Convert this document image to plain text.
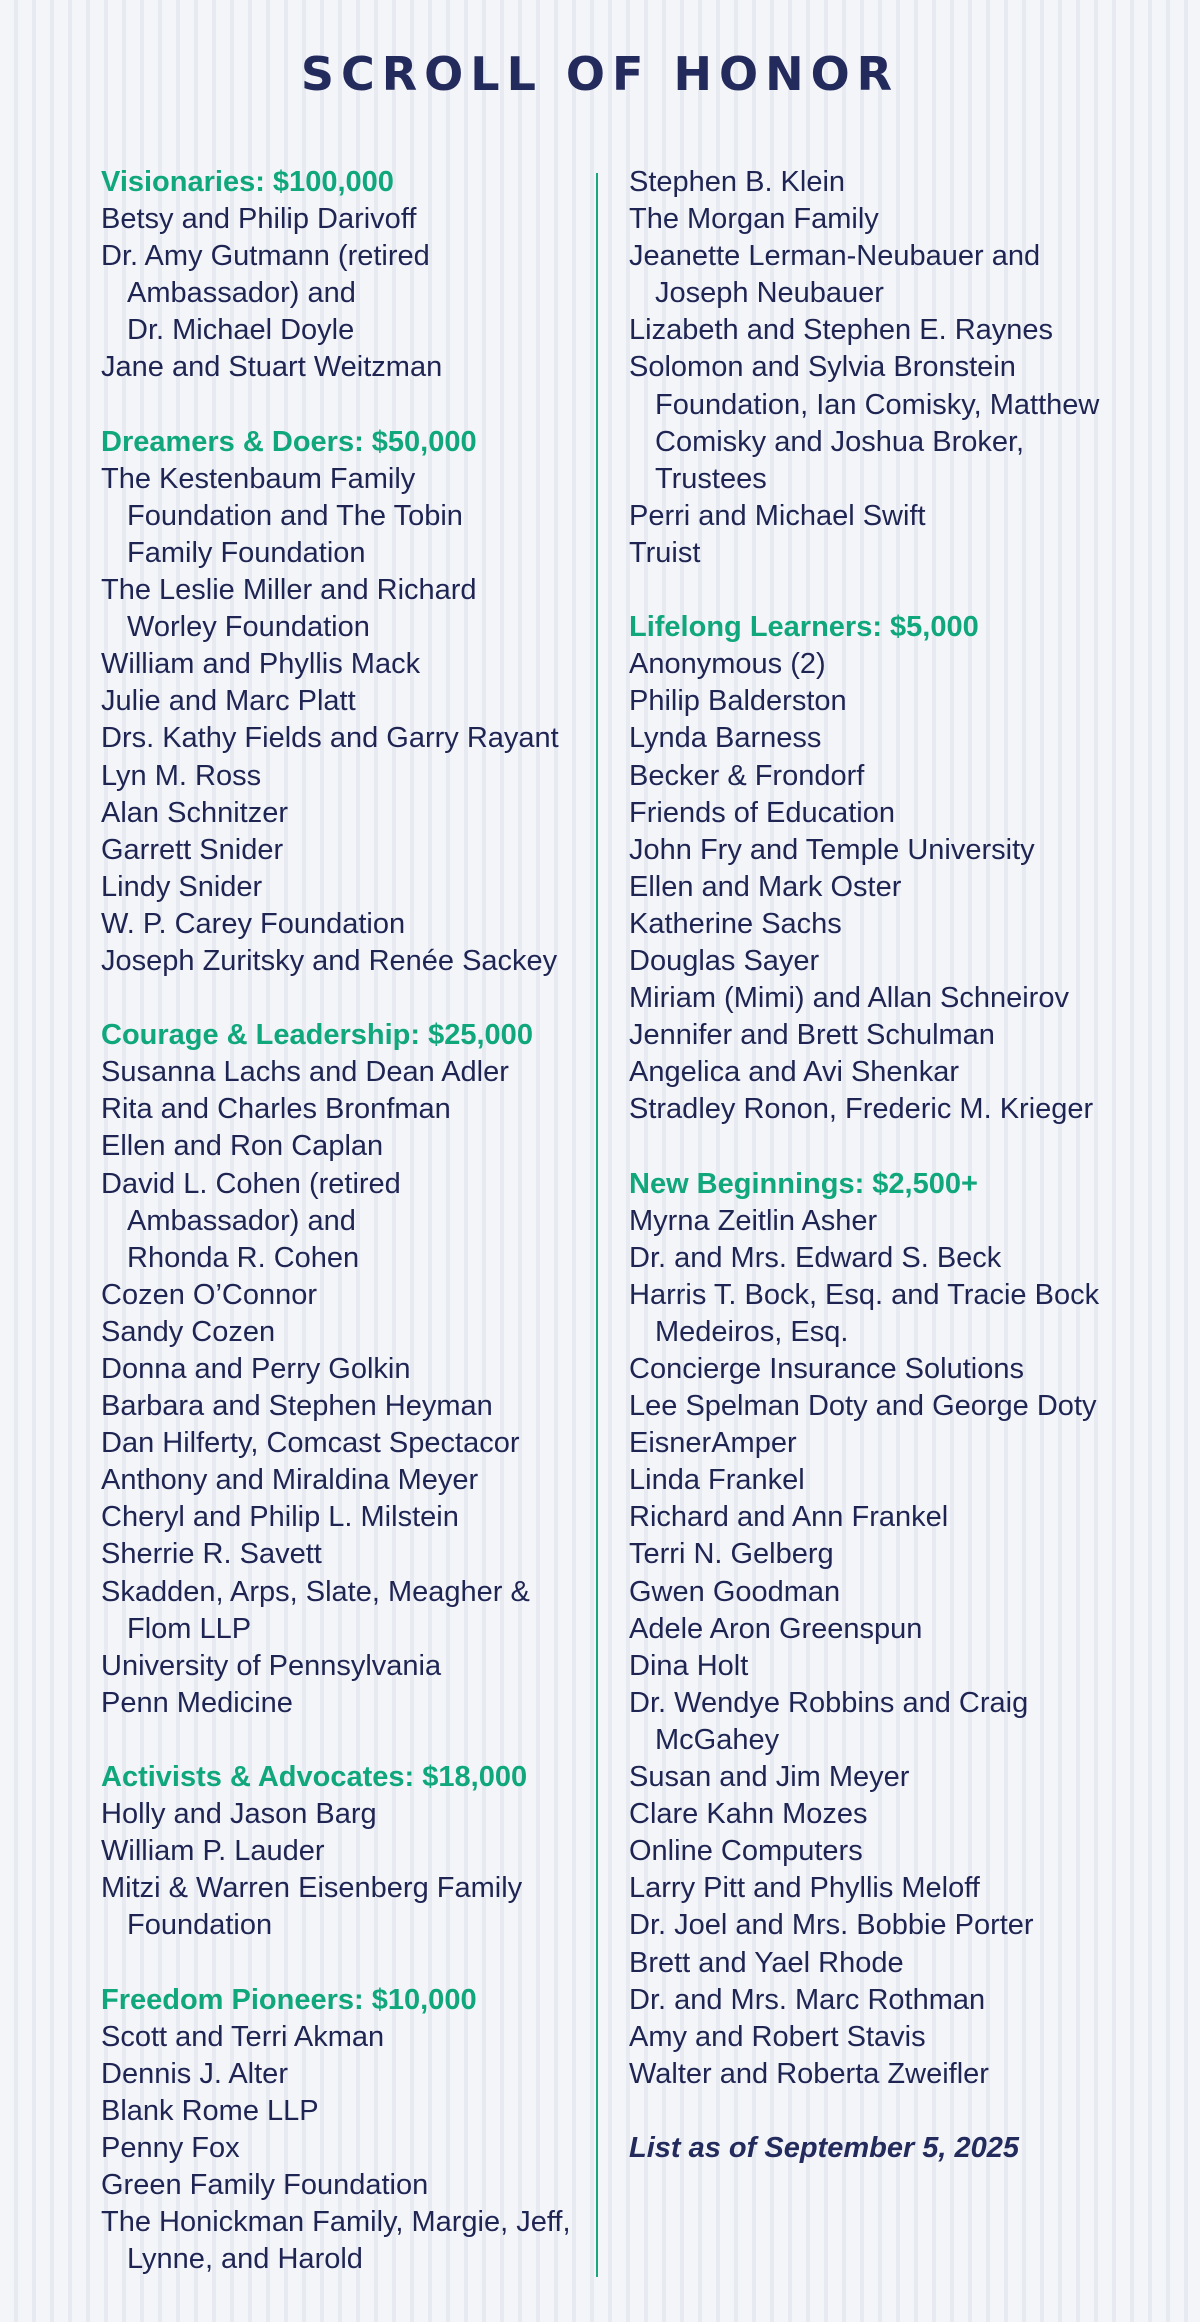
SCROLL OF HONOR
Visionaries: $100,000
Betsy and Philip Darivoff
Dr. Amy Gutmann (retired
Ambassador) and
Dr. Michael Doyle
Jane and Stuart Weitzman
Dreamers & Doers: $50,000
The Kestenbaum Family
Foundation and The Tobin
Family Foundation
The Leslie Miller and Richard
Worley Foundation
William and Phyllis Mack
Julie and Marc Platt
Drs. Kathy Fields and Garry Rayant
Lyn M. Ross
Alan Schnitzer
Garrett Snider
Lindy Snider
W. P. Carey Foundation
Joseph Zuritsky and Renée Sackey
Courage & Leadership: $25,000
Susanna Lachs and Dean Adler
Rita and Charles Bronfman
Ellen and Ron Caplan
David L. Cohen (retired
Ambassador) and
Rhonda R. Cohen
Cozen O’Connor
Sandy Cozen
Donna and Perry Golkin
Barbara and Stephen Heyman
Dan Hilferty, Comcast Spectacor
Anthony and Miraldina Meyer
Cheryl and Philip L. Milstein
Sherrie R. Savett
Skadden, Arps, Slate, Meagher &
Flom LLP
University of Pennsylvania
Penn Medicine
Activists & Advocates: $18,000
Holly and Jason Barg
William P. Lauder
Mitzi & Warren Eisenberg Family
Foundation
Freedom Pioneers: $10,000
Scott and Terri Akman
Dennis J. Alter
Blank Rome LLP
Penny Fox
Green Family Foundation
The Honickman Family, Margie, Jeff,
Lynne, and Harold
Stephen B. Klein
The Morgan Family
Jeanette Lerman-Neubauer and
Joseph Neubauer
Lizabeth and Stephen E. Raynes
Solomon and Sylvia Bronstein
Foundation, Ian Comisky, Matthew
Comisky and Joshua Broker,
Trustees
Perri and Michael Swift
Truist
Lifelong Learners: $5,000
Anonymous (2)
Philip Balderston
Lynda Barness
Becker & Frondorf
Friends of Education
John Fry and Temple University
Ellen and Mark Oster
Katherine Sachs
Douglas Sayer
Miriam (Mimi) and Allan Schneirov
Jennifer and Brett Schulman
Angelica and Avi Shenkar
Stradley Ronon, Frederic M. Krieger
New Beginnings: $2,500+
Myrna Zeitlin Asher
Dr. and Mrs. Edward S. Beck
Harris T. Bock, Esq. and Tracie Bock
Medeiros, Esq.
Concierge Insurance Solutions
Lee Spelman Doty and George Doty
EisnerAmper
Linda Frankel
Richard and Ann Frankel
Terri N. Gelberg
Gwen Goodman
Adele Aron Greenspun
Dina Holt
Dr. Wendye Robbins and Craig
McGahey
Susan and Jim Meyer
Clare Kahn Mozes
Online Computers
Larry Pitt and Phyllis Meloff
Dr. Joel and Mrs. Bobbie Porter
Brett and Yael Rhode
Dr. and Mrs. Marc Rothman
Amy and Robert Stavis
Walter and Roberta Zweifler
List as of September 5, 2025
